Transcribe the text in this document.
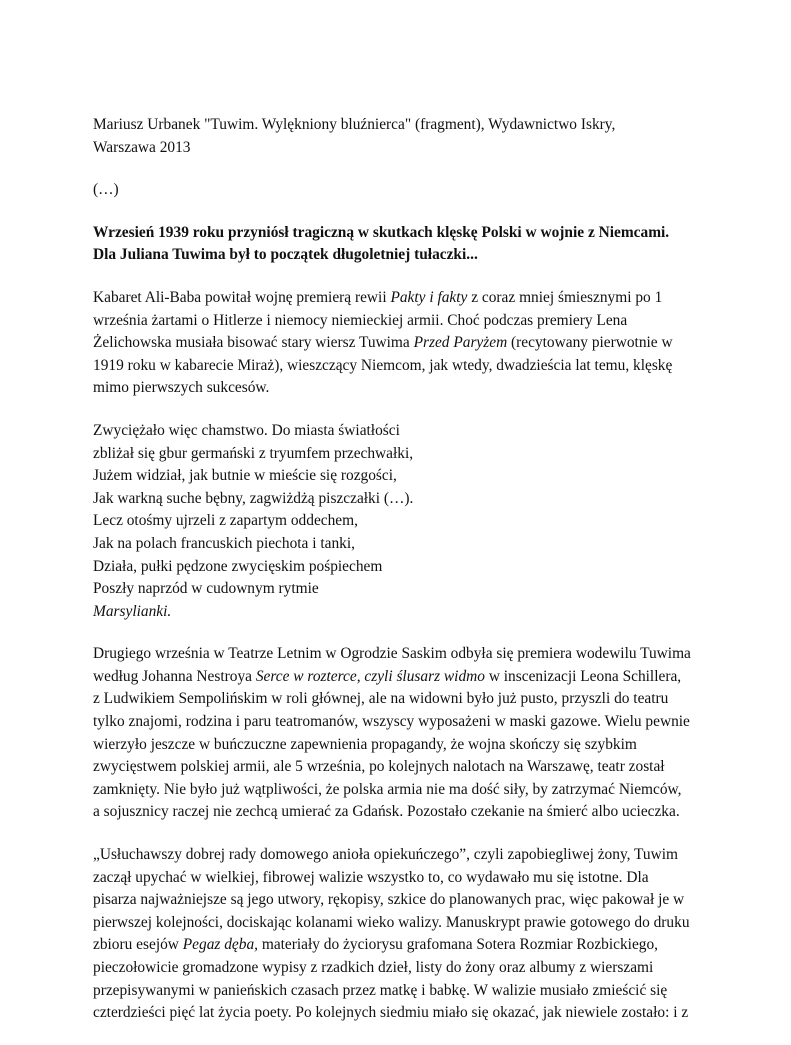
Mariusz Urbanek "Tuwim. Wylękniony bluźnierca" (fragment), Wydawnictwo Iskry,
Warszawa 2013

(…)

Wrzesień 1939 roku przyniósł tragiczną w skutkach klęskę Polski w wojnie z Niemcami.
Dla Juliana Tuwima był to początek długoletniej tułaczki...

Kabaret Ali-Baba powitał wojnę premierą rewii Pakty i fakty z coraz mniej śmiesznymi po 1
września żartami o Hitlerze i niemocy niemieckiej armii. Choć podczas premiery Lena
Żelichowska musiała bisować stary wiersz Tuwima Przed Paryżem (recytowany pierwotnie w
1919 roku w kabarecie Miraż), wieszczący Niemcom, jak wtedy, dwadzieścia lat temu, klęskę
mimo pierwszych sukcesów.

Zwyciężało więc chamstwo. Do miasta światłości
zbliżał się gbur germański z tryumfem przechwałki,
Jużem widział, jak butnie w mieście się rozgości,
Jak warkną suche bębny, zagwiżdżą piszczałki (…).
Lecz otośmy ujrzeli z zapartym oddechem,
Jak na polach francuskich piechota i tanki,
Działa, pułki pędzone zwycięskim pośpiechem
Poszły naprzód w cudownym rytmie
Marsylianki.

Drugiego września w Teatrze Letnim w Ogrodzie Saskim odbyła się premiera wodewilu Tuwima
według Johanna Nestroya Serce w rozterce, czyli ślusarz widmo w inscenizacji Leona Schillera,
z Ludwikiem Sempolińskim w roli głównej, ale na widowni było już pusto, przyszli do teatru
tylko znajomi, rodzina i paru teatromanów, wszyscy wyposażeni w maski gazowe. Wielu pewnie
wierzyło jeszcze w buńczuczne zapewnienia propagandy, że wojna skończy się szybkim
zwycięstwem polskiej armii, ale 5 września, po kolejnych nalotach na Warszawę, teatr został
zamknięty. Nie było już wątpliwości, że polska armia nie ma dość siły, by zatrzymać Niemców,
a sojusznicy raczej nie zechcą umierać za Gdańsk. Pozostało czekanie na śmierć albo ucieczka.

„Usłuchawszy dobrej rady domowego anioła opiekuńczego”, czyli zapobiegliwej żony, Tuwim
zaczął upychać w wielkiej, fibrowej walizie wszystko to, co wydawało mu się istotne. Dla
pisarza najważniejsze są jego utwory, rękopisy, szkice do planowanych prac, więc pakował je w
pierwszej kolejności, dociskając kolanami wieko walizy. Manuskrypt prawie gotowego do druku
zbioru esejów Pegaz dęba, materiały do życiorysu grafomana Sotera Rozmiar Rozbickiego,
pieczołowicie gromadzone wypisy z rzadkich dzieł, listy do żony oraz albumy z wierszami
przepisywanymi w panieńskich czasach przez matkę i babkę. W walizie musiało zmieścić się
czterdzieści pięć lat życia poety. Po kolejnych siedmiu miało się okazać, jak niewiele zostało: i z
